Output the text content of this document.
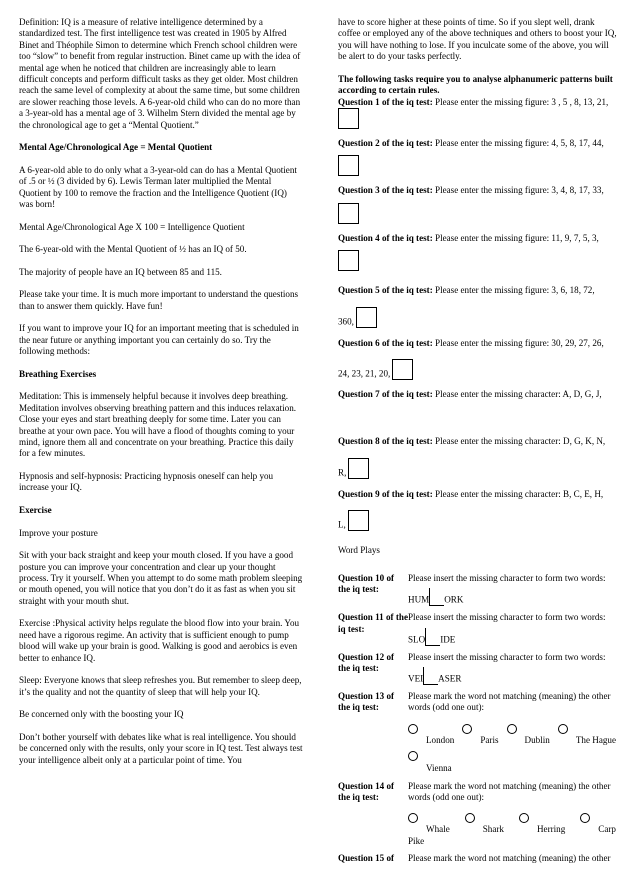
Definition: IQ is a measure of relative intelligence determined by a standardized test. The first intelligence test was created in 1905 by Alfred Binet and Théophile Simon to determine which French school children were too “slow” to benefit from regular instruction. Binet came up with the idea of mental age when he noticed that children are increasingly able to learn difficult concepts and perform difficult tasks as they get older. Most children reach the same level of complexity at about the same time, but some children are slower reaching those levels. A 6-year-old child who can do no more than a 3-year-old has a mental age of 3. Wilhelm Stern divided the mental age by the chronological age to get a “Mental Quotient.”

Mental Age/Chronological Age = Mental Quotient

A 6-year-old able to do only what a 3-year-old can do has a Mental Quotient of .5 or ½ (3 divided by 6). Lewis Terman later multiplied the Mental Quotient by 100 to remove the fraction and the Intelligence Quotient (IQ) was born!

Mental Age/Chronological Age X 100 = Intelligence Quotient

The 6-year-old with the Mental Quotient of ½ has an IQ of 50.

The majority of people have an IQ between 85 and 115.

Please take your time. It is much more important to understand the questions than to answer them quickly. Have fun!

If you want to improve your IQ for an important meeting that is scheduled in the near future or anything important you can certainly do so. Try the following methods:

Breathing Exercises

Meditation: This is immensely helpful because it involves deep breathing. Meditation involves observing breathing pattern and this induces relaxation. Close your eyes and start breathing deeply for some time. Later you can breathe at your own pace. You will have a flood of thoughts coming to your mind, ignore them all and concentrate on your breathing. Practice this daily for a few minutes.

Hypnosis and self-hypnosis: Practicing hypnosis oneself can help you increase your IQ.

Exercise

Improve your posture

Sit with your back straight and keep your mouth closed. If you have a good posture you can improve your concentration and clear up your thought process. Try it yourself. When you attempt to do some math problem sleeping or mouth opened, you will notice that you don’t do it as fast as when you sit straight with your mouth shut.

Exercise :Physical activity helps regulate the blood flow into your brain. You need have a rigorous regime. An activity that is sufficient enough to pump blood will wake up your brain is good. Walking is good and aerobics is even better to enhance IQ.

Sleep: Everyone knows that sleep refreshes you. But remember to sleep deep, it’s the quality and not the quantity of sleep that will help your IQ.

Be concerned only with the boosting your IQ

Don’t bother yourself with debates like what is real intelligence. You should be concerned only with the results, only your score in IQ test. Test always test your intelligence albeit only at a particular point of time. You

have to score higher at these points of time. So if you slept well, drank coffee or employed any of the above techniques and others to boost your IQ, you will have nothing to lose. If you inculcate some of the above, you will be alert to do your tasks perfectly.

The following tasks require you to analyse alphanumeric patterns built according to certain rules.
Question 1 of the iq test: Please enter the missing figure: 3 , 5 , 8, 13, 21,

Question 2 of the iq test: Please enter the missing figure: 4, 5, 8, 17, 44,

Question 3 of the iq test: Please enter the missing figure: 3, 4, 8, 17, 33,

Question 4 of the iq test: Please enter the missing figure: 11, 9, 7, 5, 3,

Question 5 of the iq test: Please enter the missing figure: 3, 6, 18, 72,

360,
Question 6 of the iq test: Please enter the missing figure: 30, 29, 27, 26,

24, 23, 21, 20,
Question 7 of the iq test: Please enter the missing character: A, D, G, J,

Question 8 of the iq test: Please enter the missing character: D, G, K, N,

R,
Question 9 of the iq test: Please enter the missing character: B, C, E, H,

L,

Word Plays

Question 10 of the iq test:
Please insert the missing character to form two words:
HUM ORK
Question 11 of the iq test:
Please insert the missing character to form two words:
SLO IDE
Question 12 of the iq test:
Please insert the missing character to form two words:
VEI ASER
Question 13 of the iq test:
Please mark the word not matching (meaning) the other words (odd one out):
London	Paris	Dublin	The Hague
Vienna
Question 14 of the iq test:
Please mark the word not matching (meaning) the other words (odd one out):
Whale	Shark	Herring	Carp
Pike
Question 15 of	Please mark the word not matching (meaning) the other
